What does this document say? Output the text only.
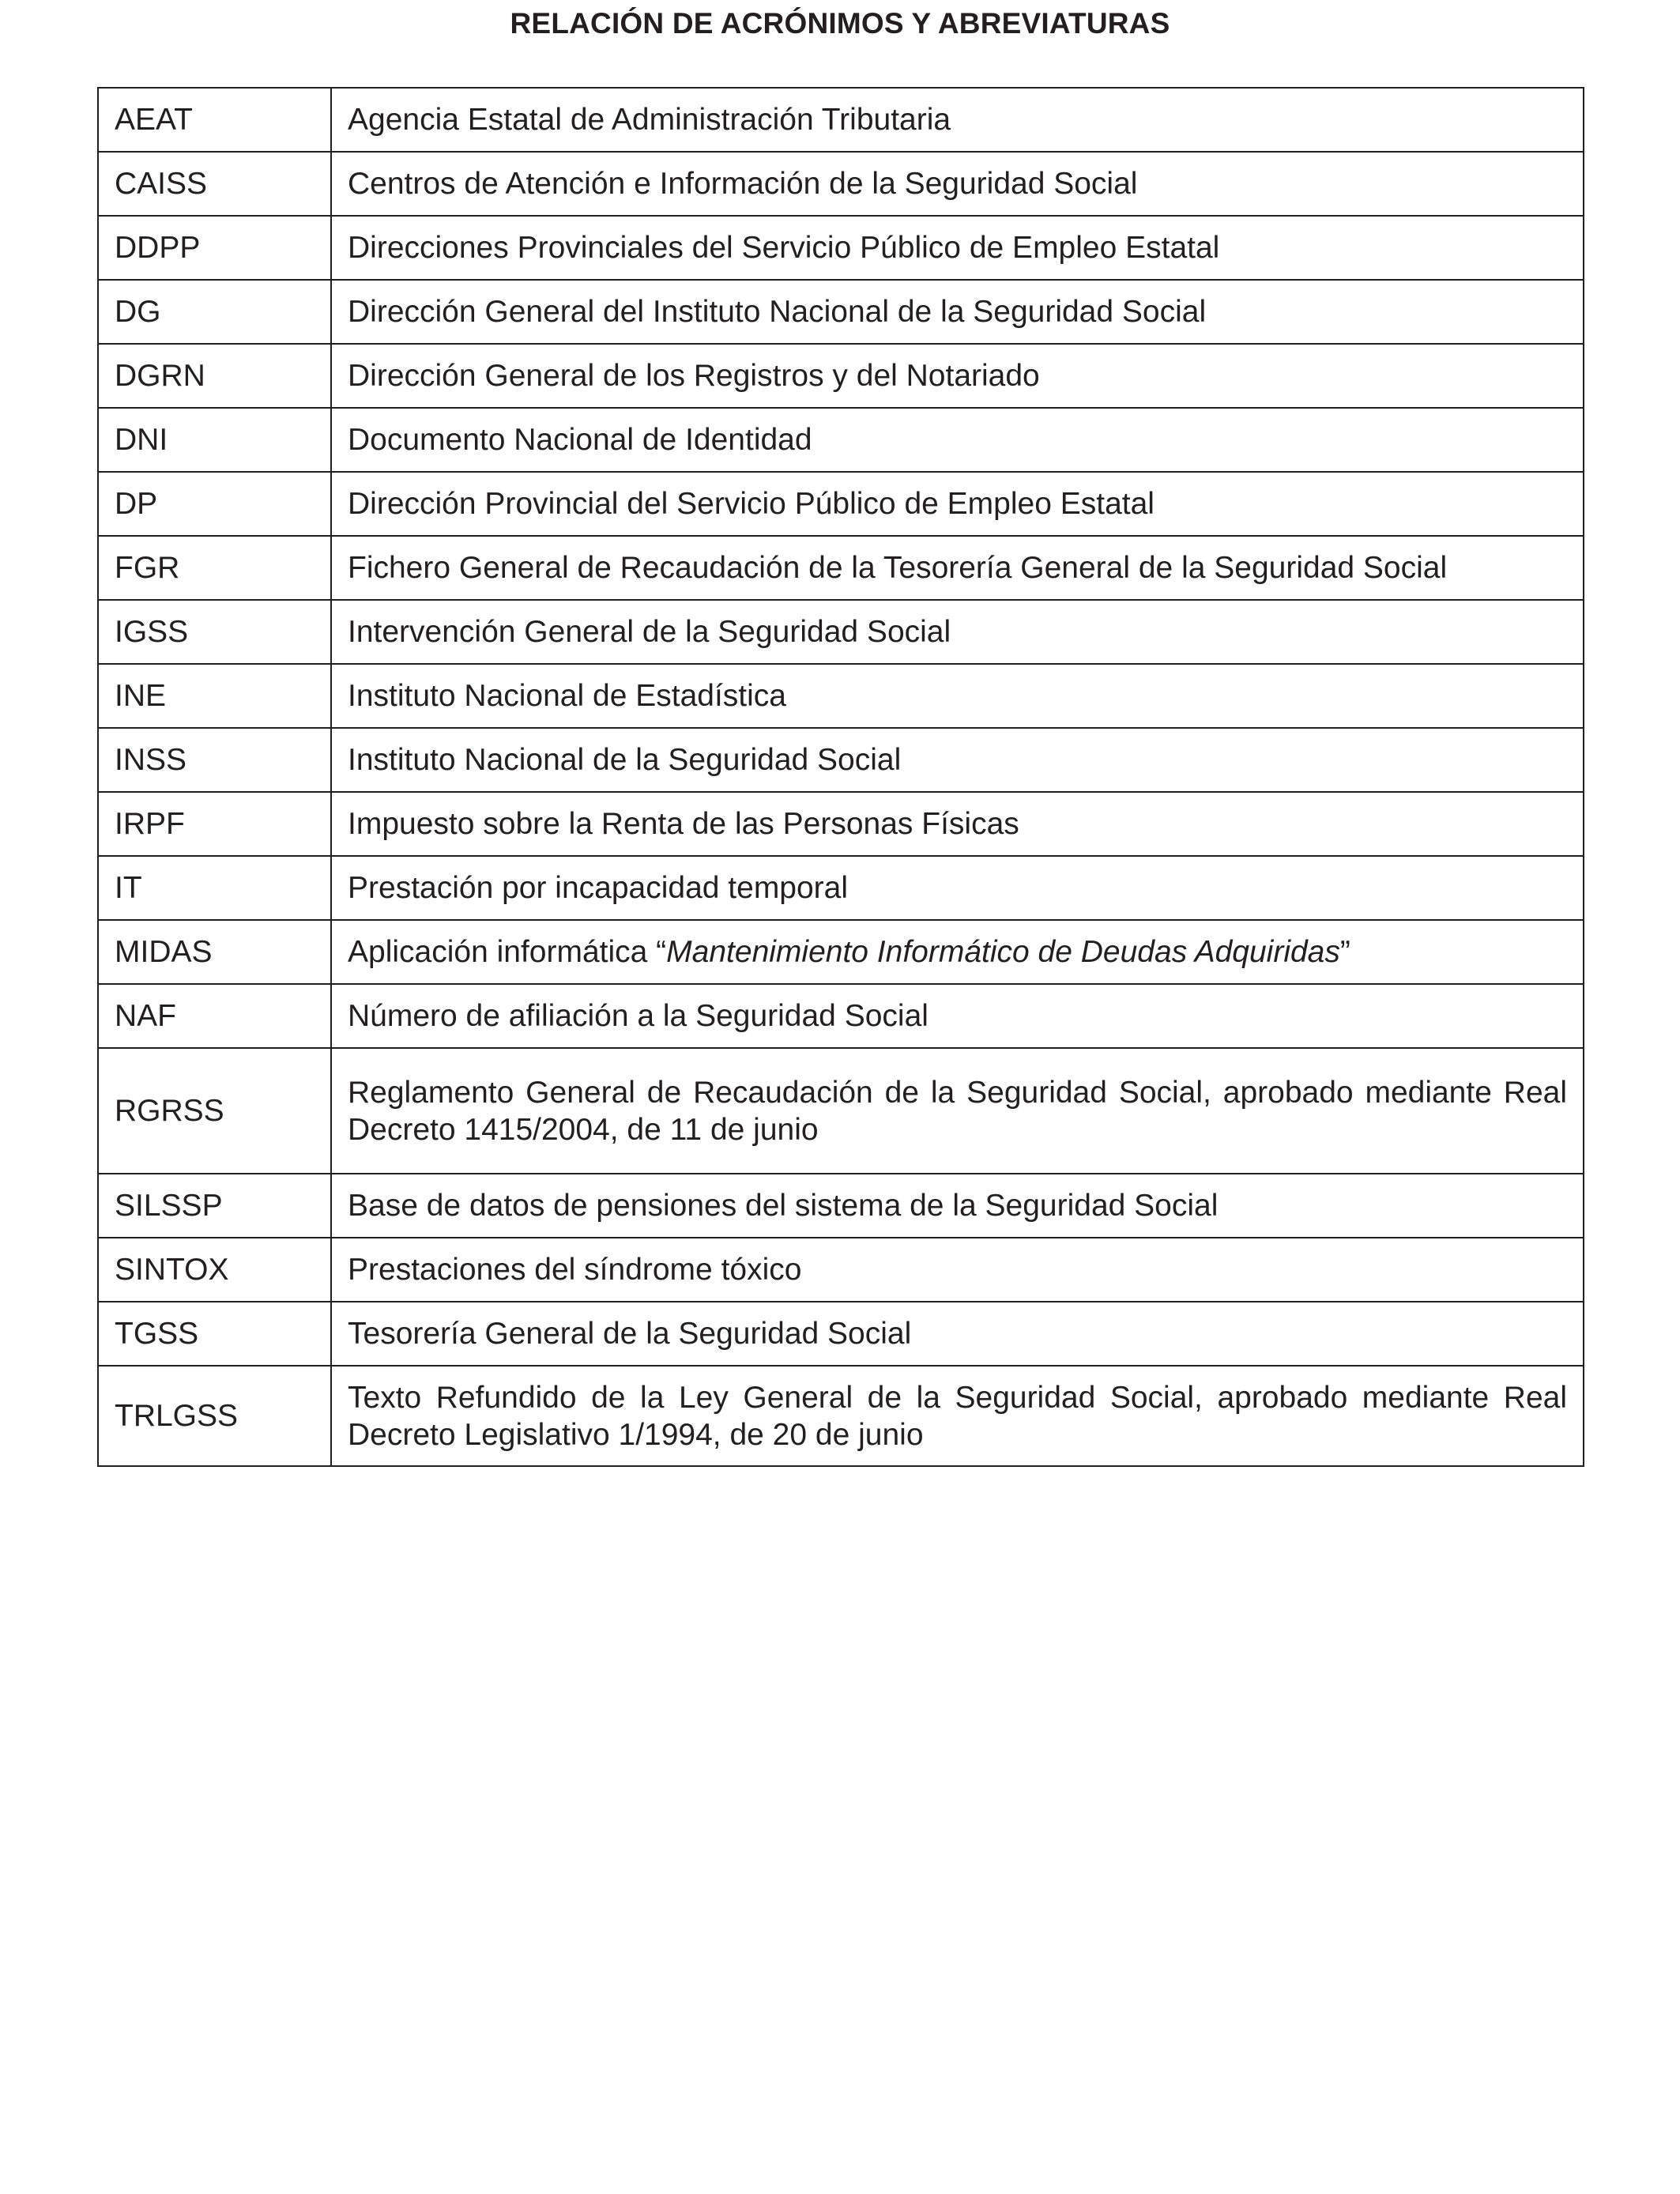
RELACIÓN DE ACRÓNIMOS Y ABREVIATURAS
AEAT	Agencia Estatal de Administración Tributaria
CAISS	Centros de Atención e Información de la Seguridad Social
DDPP	Direcciones Provinciales del Servicio Público de Empleo Estatal
DG	Dirección General del Instituto Nacional de la Seguridad Social
DGRN	Dirección General de los Registros y del Notariado
DNI	Documento Nacional de Identidad
DP	Dirección Provincial del Servicio Público de Empleo Estatal
FGR	Fichero General de Recaudación de la Tesorería General de la Seguridad Social
IGSS	Intervención General de la Seguridad Social
INE	Instituto Nacional de Estadística
INSS	Instituto Nacional de la Seguridad Social
IRPF	Impuesto sobre la Renta de las Personas Físicas
IT	Prestación por incapacidad temporal
MIDAS	Aplicación informática “Mantenimiento Informático de Deudas Adquiridas”
NAF	Número de afiliación a la Seguridad Social
RGRSS	Reglamento General de Recaudación de la Seguridad Social, aprobado mediante Real Decreto 1415/2004, de 11 de junio
SILSSP	Base de datos de pensiones del sistema de la Seguridad Social
SINTOX	Prestaciones del síndrome tóxico
TGSS	Tesorería General de la Seguridad Social
TRLGSS	Texto Refundido de la Ley General de la Seguridad Social, aprobado mediante Real Decreto Legislativo 1/1994, de 20 de junio
